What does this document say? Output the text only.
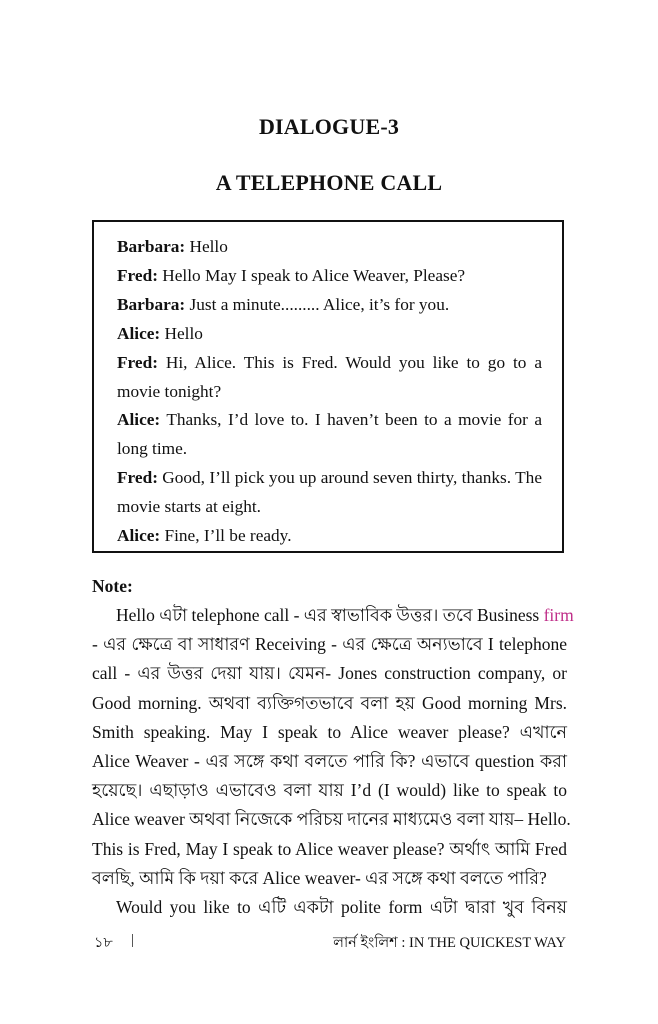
DIALOGUE-3
A TELEPHONE CALL

Barbara: Hello

Fred: Hello May I speak to Alice Weaver, Please?

Barbara: Just a minute......... Alice, it’s for you.

Alice: Hello

Fred: Hi, Alice. This is Fred. Would you like to go to a movie tonight?

Alice: Thanks, I’d love to. I haven’t been to a movie for a long time.

Fred: Good, I’ll pick you up around seven thirty, thanks. The movie starts at eight.

Alice: Fine, I’ll be ready.

Note:
Hello এটা telephone call - এর স্বাভাবিক উত্তর। তবে Business firm
- এর ক্ষেত্রে বা সাধারণ Receiving - এর ক্ষেত্রে অন্যভাবে I telephone
call - এর উত্তর দেয়া যায়। যেমন- Jones construction company, or
Good morning. অথবা ব্যক্তিগতভাবে বলা হয় Good morning Mrs.
Smith speaking. May I speak to Alice weaver please? এখানে
Alice Weaver - এর সঙ্গে কথা বলতে পারি কি? এভাবে question করা
হয়েছে। এছাড়াও এভাবেও বলা যায় I’d (I would) like to speak to
Alice weaver অথবা নিজেকে পরিচয় দানের মাধ্যমেও বলা যায়– Hello.
This is Fred, May I speak to Alice weaver please? অর্থাৎ আমি Fred
বলছি, আমি কি দয়া করে Alice weaver- এর সঙ্গে কথা বলতে পারি?
Would you like to এটি একটা polite form এটা দ্বারা খুব বিনয়
১৮ |	লার্ন ইংলিশ : IN THE QUICKEST WAY
